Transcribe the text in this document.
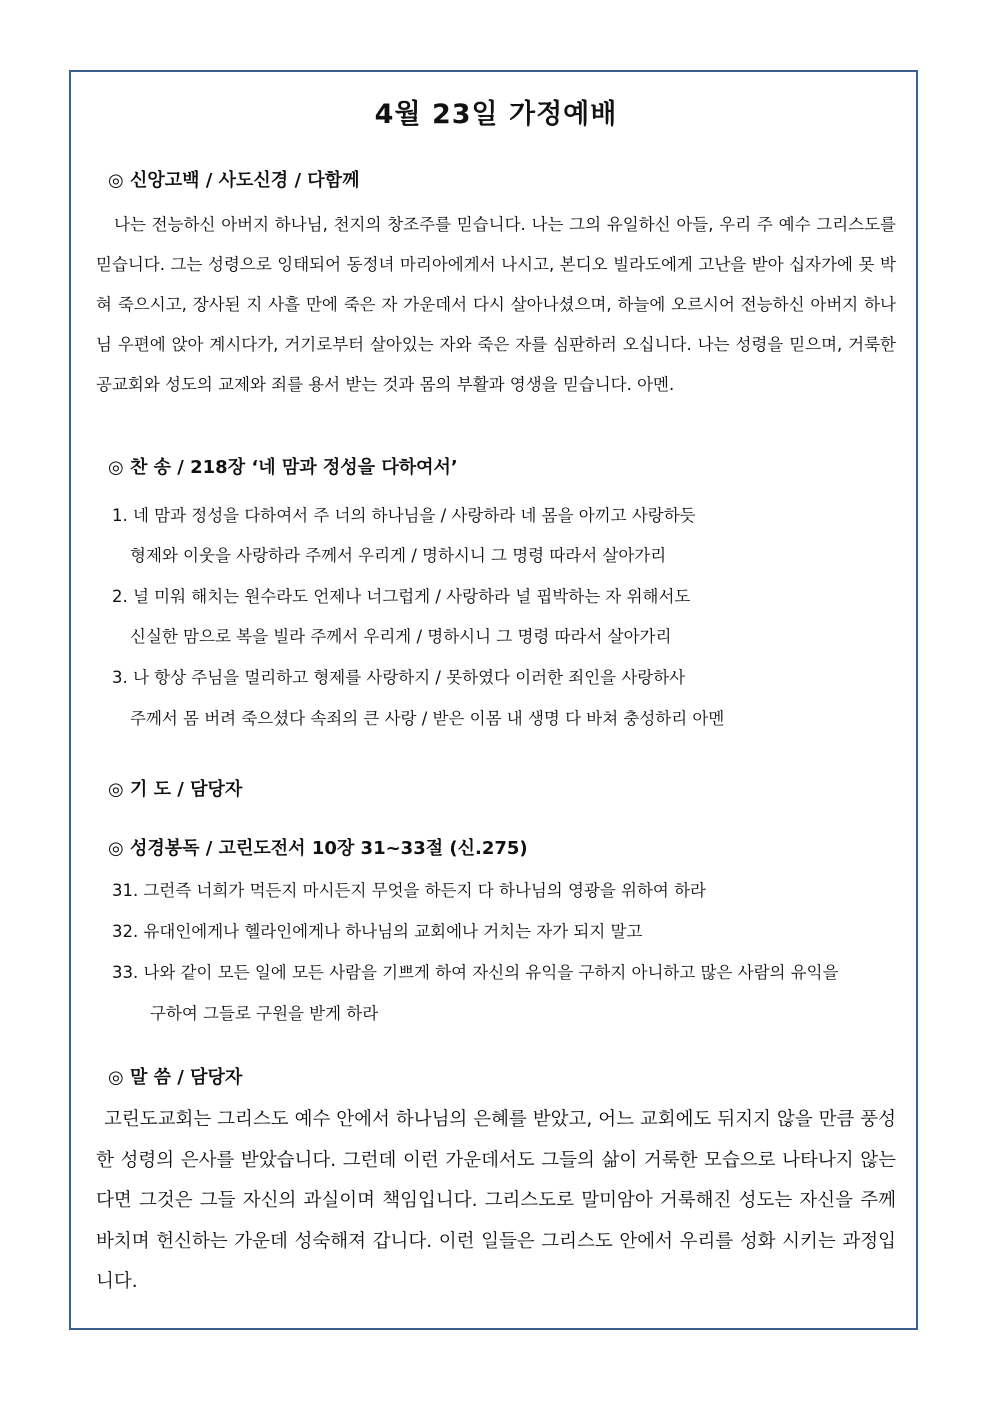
4월 23일 가정예배
◎ 신앙고백 / 사도신경 / 다함께
나는 전능하신 아버지 하나님, 천지의 창조주를 믿습니다. 나는 그의 유일하신 아들, 우리 주 예수 그리스도를 믿습니다. 그는 성령으로 잉태되어 동정녀 마리아에게서 나시고, 본디오 빌라도에게 고난을 받아 십자가에 못 박혀 죽으시고, 장사된 지 사흘 만에 죽은 자 가운데서 다시 살아나셨으며, 하늘에 오르시어 전능하신 아버지 하나님 우편에 앉아 계시다가, 거기로부터 살아있는 자와 죽은 자를 심판하러 오십니다. 나는 성령을 믿으며, 거룩한 공교회와 성도의 교제와 죄를 용서 받는 것과 몸의 부활과 영생을 믿습니다. 아멘.
◎ 찬 송 / 218장 ‘네 맘과 정성을 다하여서’
1. 네 맘과 정성을 다하여서 주 너의 하나님을 / 사랑하라 네 몸을 아끼고 사랑하듯
형제와 이웃을 사랑하라 주께서 우리게 / 명하시니 그 명령 따라서 살아가리
2. 널 미워 해치는 원수라도 언제나 너그럽게 / 사랑하라 널 핍박하는 자 위해서도
신실한 맘으로 복을 빌라 주께서 우리게 / 명하시니 그 명령 따라서 살아가리
3. 나 항상 주님을 멀리하고 형제를 사랑하지 / 못하였다 이러한 죄인을 사랑하사
주께서 몸 버려 죽으셨다 속죄의 큰 사랑 / 받은 이몸 내 생명 다 바쳐 충성하리 아멘
◎ 기 도 / 담당자
◎ 성경봉독 / 고린도전서 10장 31~33절 (신.275)
31. 그런즉 너희가 먹든지 마시든지 무엇을 하든지 다 하나님의 영광을 위하여 하라
32. 유대인에게나 헬라인에게나 하나님의 교회에나 거치는 자가 되지 말고
33. 나와 같이 모든 일에 모든 사람을 기쁘게 하여 자신의 유익을 구하지 아니하고 많은 사람의 유익을
구하여 그들로 구원을 받게 하라
◎ 말 씀 / 담당자
고린도교회는 그리스도 예수 안에서 하나님의 은혜를 받았고, 어느 교회에도 뒤지지 않을 만큼 풍성한 성령의 은사를 받았습니다. 그런데 이런 가운데서도 그들의 삶이 거룩한 모습으로 나타나지 않는다면 그것은 그들 자신의 과실이며 책임입니다. 그리스도로 말미암아 거룩해진 성도는 자신을 주께 바치며 헌신하는 가운데 성숙해져 갑니다. 이런 일들은 그리스도 안에서 우리를 성화 시키는 과정입니다.
